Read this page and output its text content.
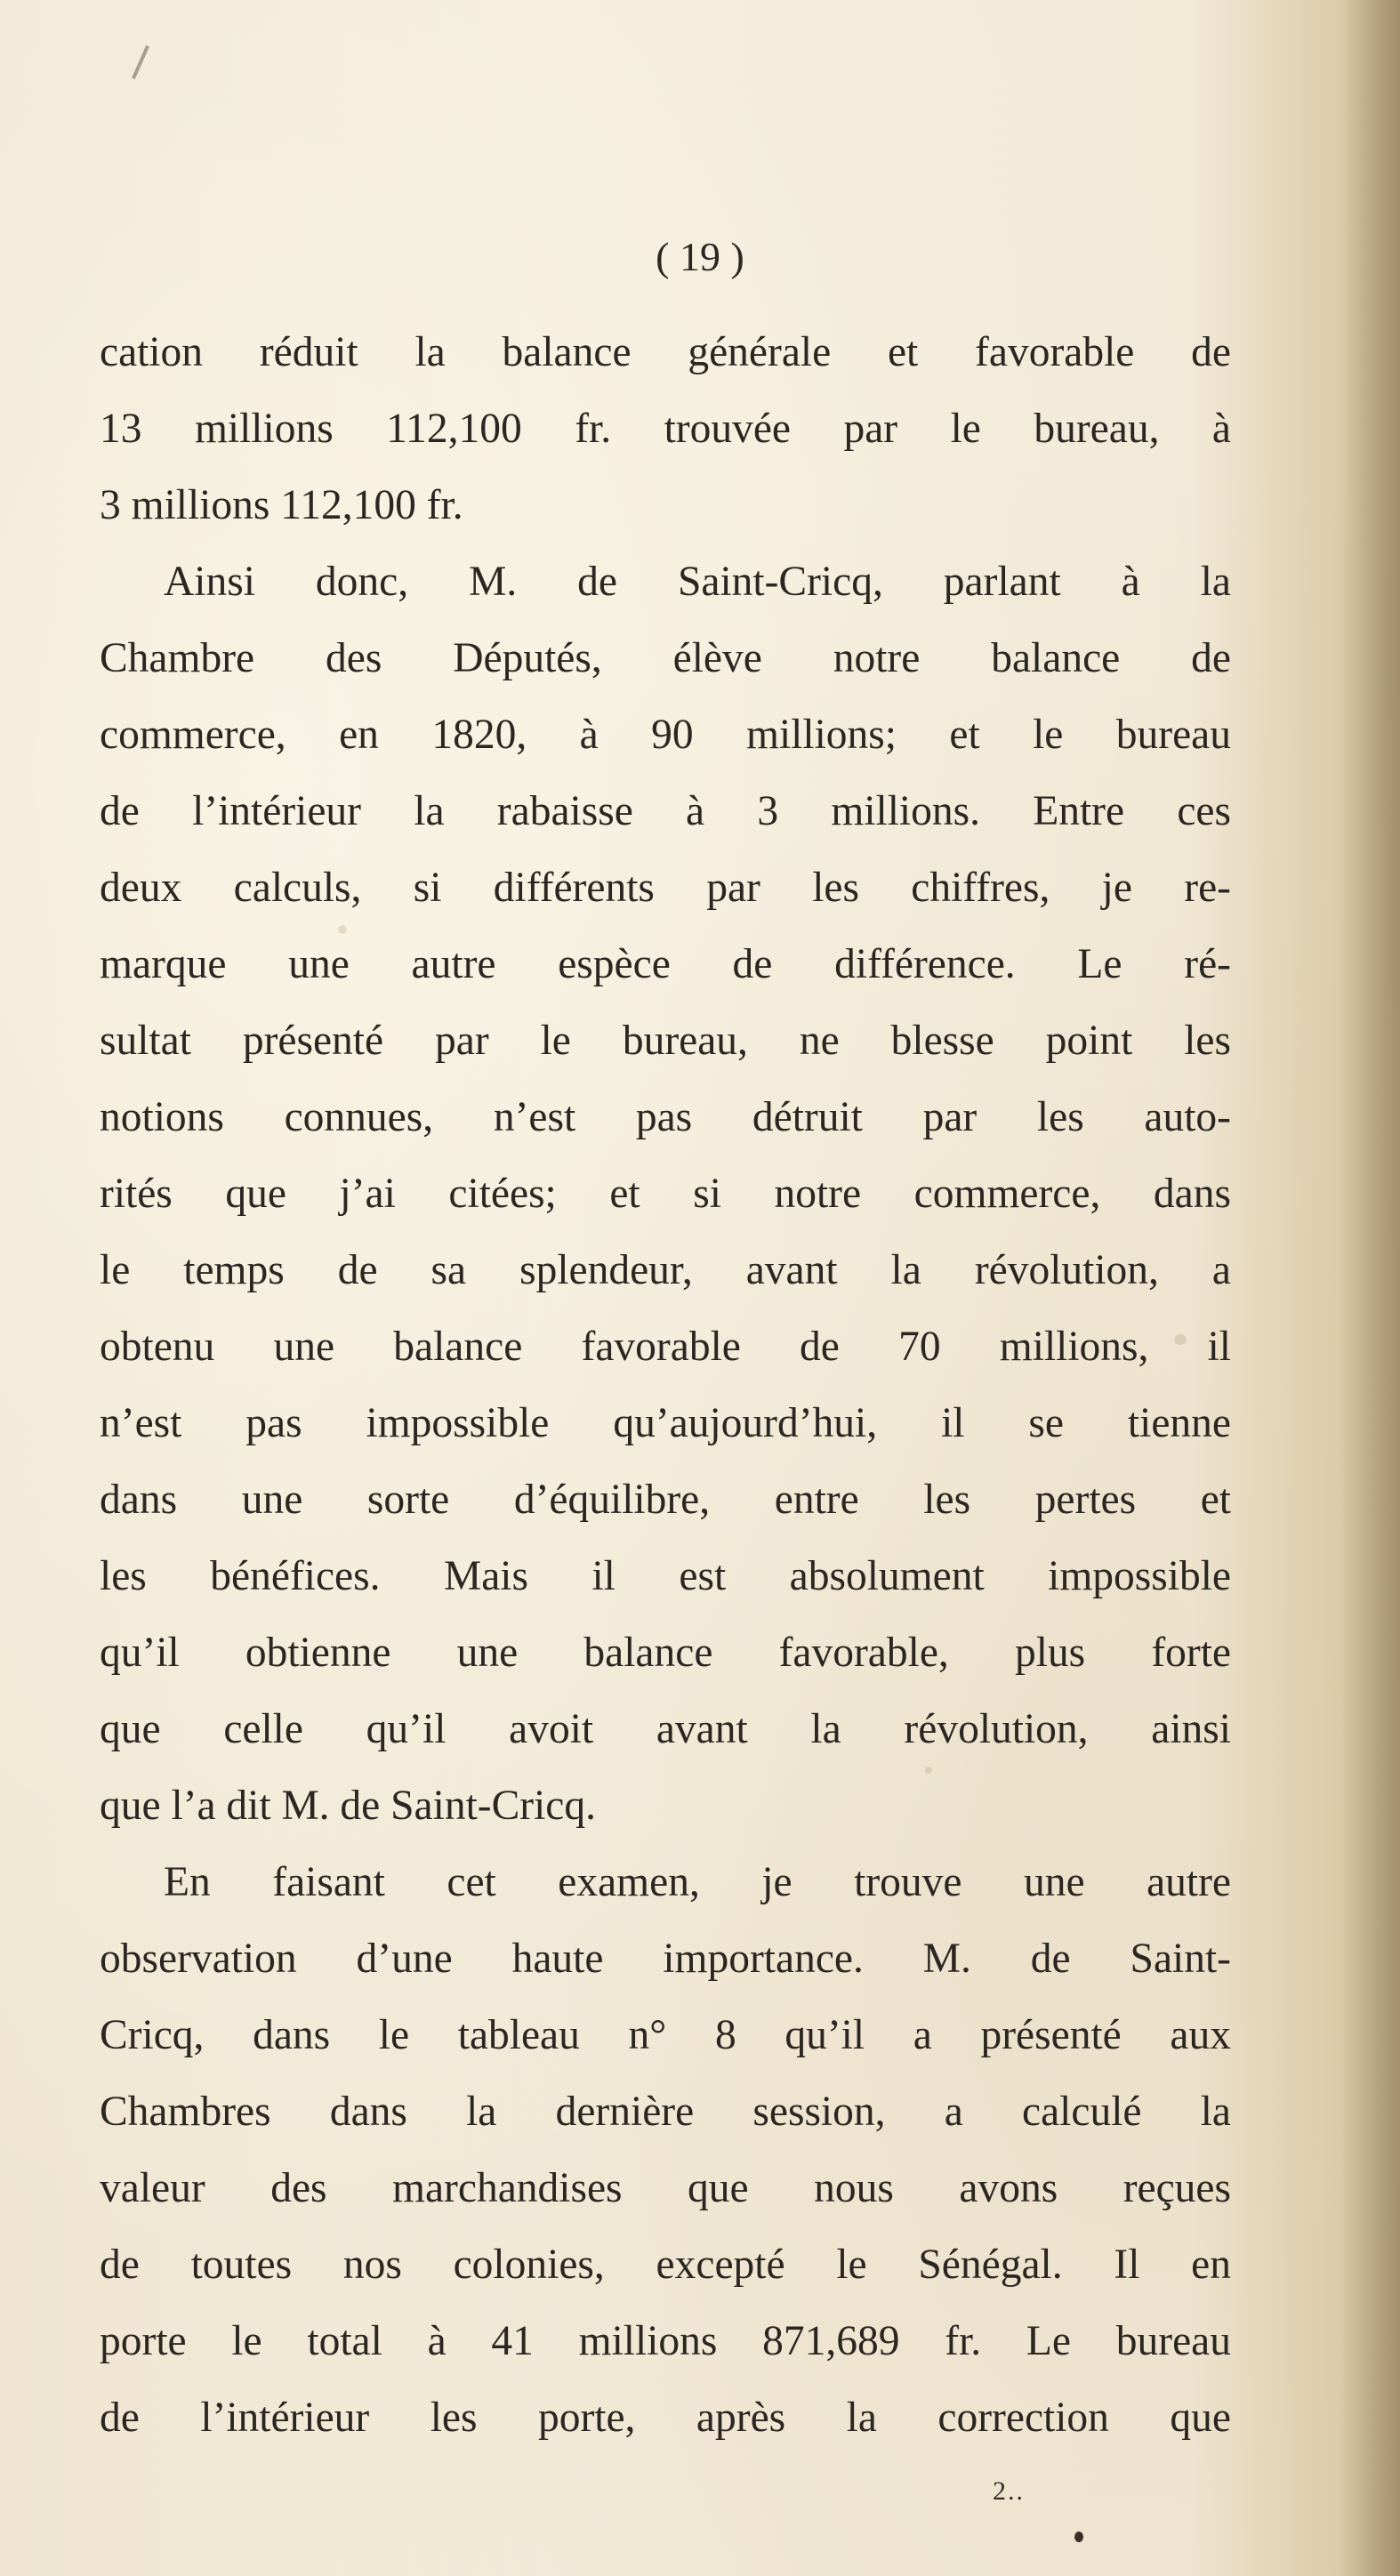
( 19 )
cation réduit la balance générale et favorable de
13 millions 112,100 fr. trouvée par le bureau, à
3 millions 112,100 fr.
Ainsi donc, M. de Saint-Cricq, parlant à la
Chambre des Députés, élève notre balance de
commerce, en 1820, à 90 millions; et le bureau
de l’intérieur la rabaisse à 3 millions. Entre ces
deux calculs, si différents par les chiffres, je re-
marque une autre espèce de différence. Le ré-
sultat présenté par le bureau, ne blesse point les
notions connues, n’est pas détruit par les auto-
rités que j’ai citées; et si notre commerce, dans
le temps de sa splendeur, avant la révolution, a
obtenu une balance favorable de 70 millions, il
n’est pas impossible qu’aujourd’hui, il se tienne
dans une sorte d’équilibre, entre les pertes et
les bénéfices. Mais il est absolument impossible
qu’il obtienne une balance favorable, plus forte
que celle qu’il avoit avant la révolution, ainsi
que l’a dit M. de Saint-Cricq.
En faisant cet examen, je trouve une autre
observation d’une haute importance. M. de Saint-
Cricq, dans le tableau n° 8 qu’il a présenté aux
Chambres dans la dernière session, a calculé la
valeur des marchandises que nous avons reçues
de toutes nos colonies, excepté le Sénégal. Il en
porte le total à 41 millions 871,689 fr. Le bureau
de l’intérieur les porte, après la correction que
2..
